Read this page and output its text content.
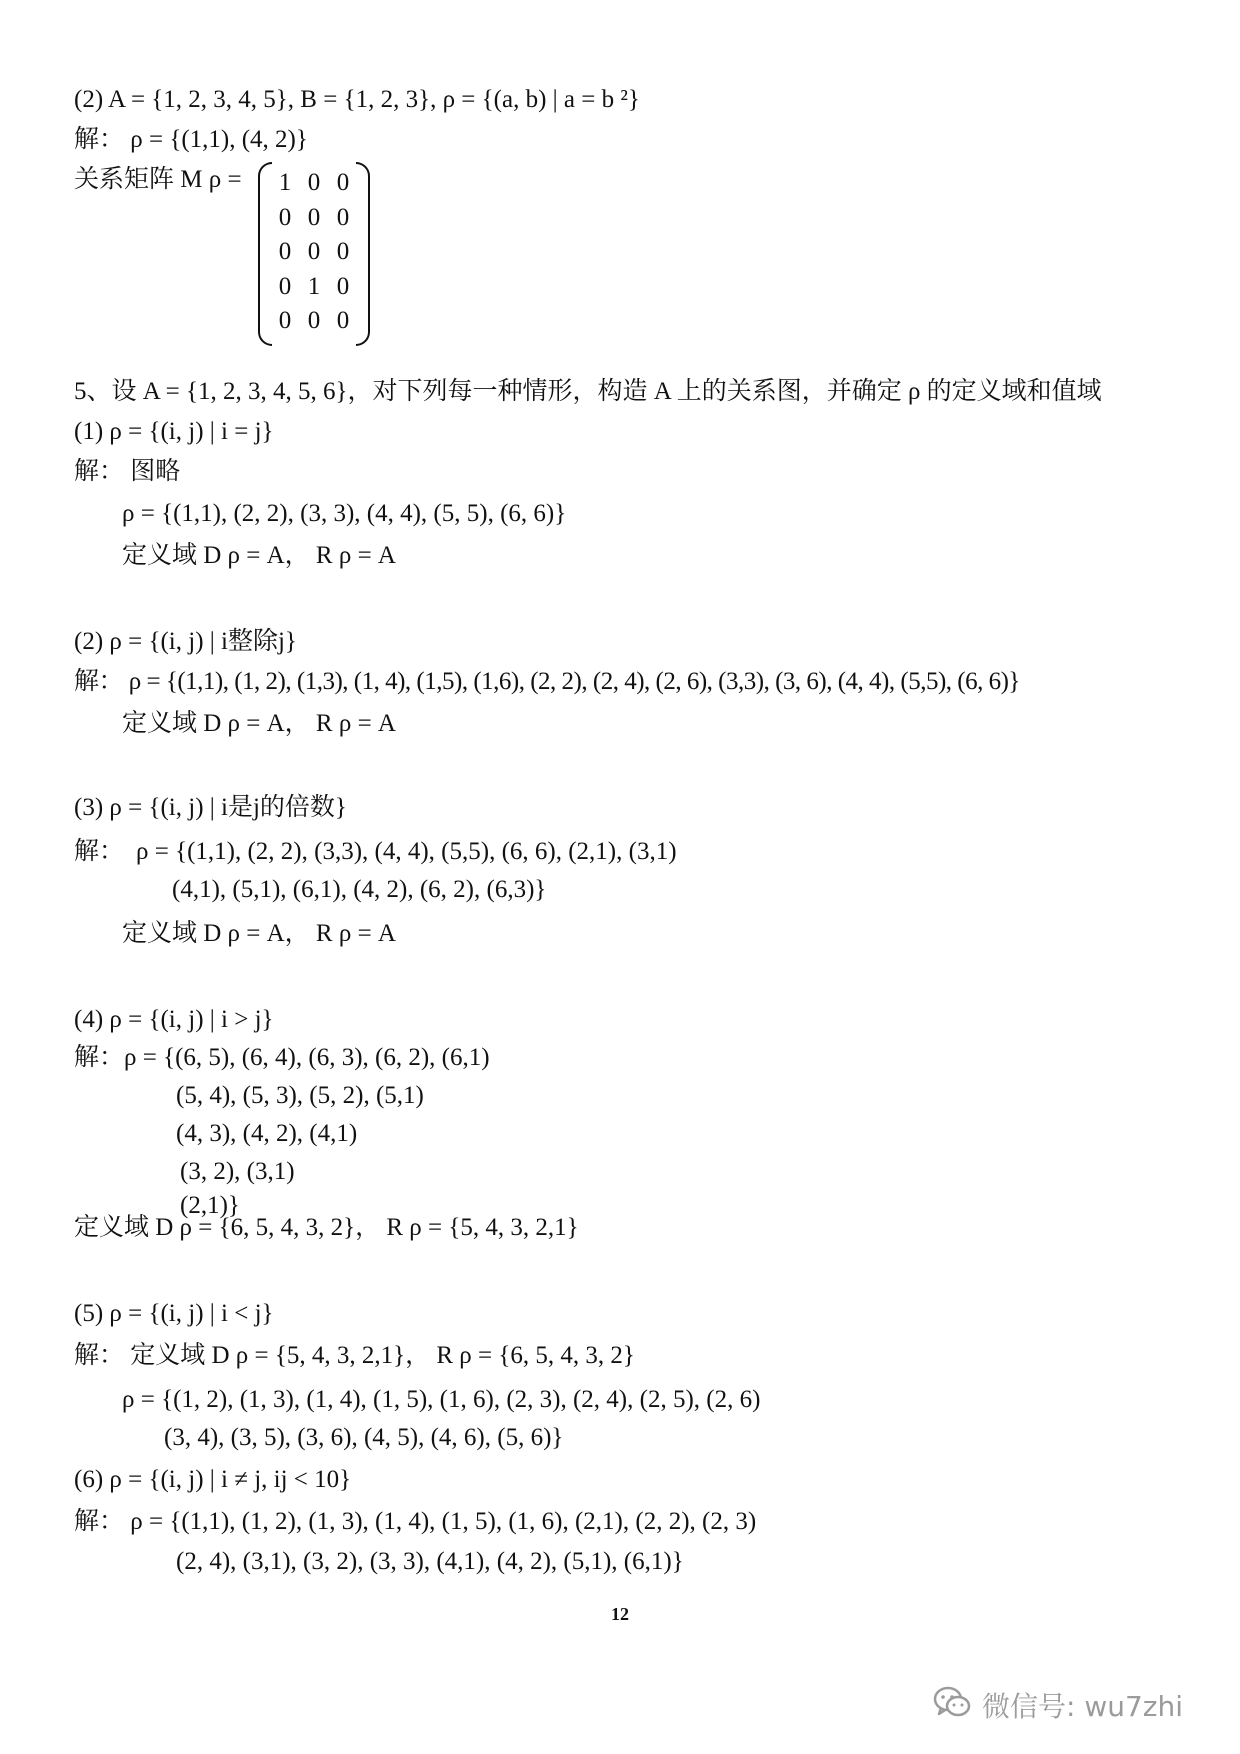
(2) A = {1, 2, 3, 4, 5}, B = {1, 2, 3}, ρ = {(a, b) | a = b ²}
解： ρ = {(1,1), (4, 2)}
关系矩阵 M ρ = 1 0 0
0 0 0
0 0 0
0 1 0
0 0 0
5、设 A = {1, 2, 3, 4, 5, 6}，对下列每一种情形，构造 A 上的关系图，并确定 ρ 的定义域和值域
(1) ρ = {(i, j) | i = j}
解： 图略
ρ = {(1,1), (2, 2), (3, 3), (4, 4), (5, 5), (6, 6)}
定义域 D ρ = A， R ρ = A
(2) ρ = {(i, j) | i整除j}
解： ρ = {(1,1), (1, 2), (1,3), (1, 4), (1,5), (1,6), (2, 2), (2, 4), (2, 6), (3,3), (3, 6), (4, 4), (5,5), (6, 6)}
定义域 D ρ = A， R ρ = A
(3) ρ = {(i, j) | i是j的倍数}
解： ρ = {(1,1), (2, 2), (3,3), (4, 4), (5,5), (6, 6), (2,1), (3,1)
(4,1), (5,1), (6,1), (4, 2), (6, 2), (6,3)}
定义域 D ρ = A， R ρ = A
(4) ρ = {(i, j) | i > j}
解：ρ = {(6, 5), (6, 4), (6, 3), (6, 2), (6,1)
(5, 4), (5, 3), (5, 2), (5,1)
(4, 3), (4, 2), (4,1)
(3, 2), (3,1)
(2,1)}
定义域 D ρ = {6, 5, 4, 3, 2}， R ρ = {5, 4, 3, 2,1}
(5) ρ = {(i, j) | i < j}
解： 定义域 D ρ = {5, 4, 3, 2,1}， R ρ = {6, 5, 4, 3, 2}
ρ = {(1, 2), (1, 3), (1, 4), (1, 5), (1, 6), (2, 3), (2, 4), (2, 5), (2, 6)
(3, 4), (3, 5), (3, 6), (4, 5), (4, 6), (5, 6)}
(6) ρ = {(i, j) | i ≠ j, ij < 10}
解： ρ = {(1,1), (1, 2), (1, 3), (1, 4), (1, 5), (1, 6), (2,1), (2, 2), (2, 3)
(2, 4), (3,1), (3, 2), (3, 3), (4,1), (4, 2), (5,1), (6,1)}
12
微信号: wu7zhi
